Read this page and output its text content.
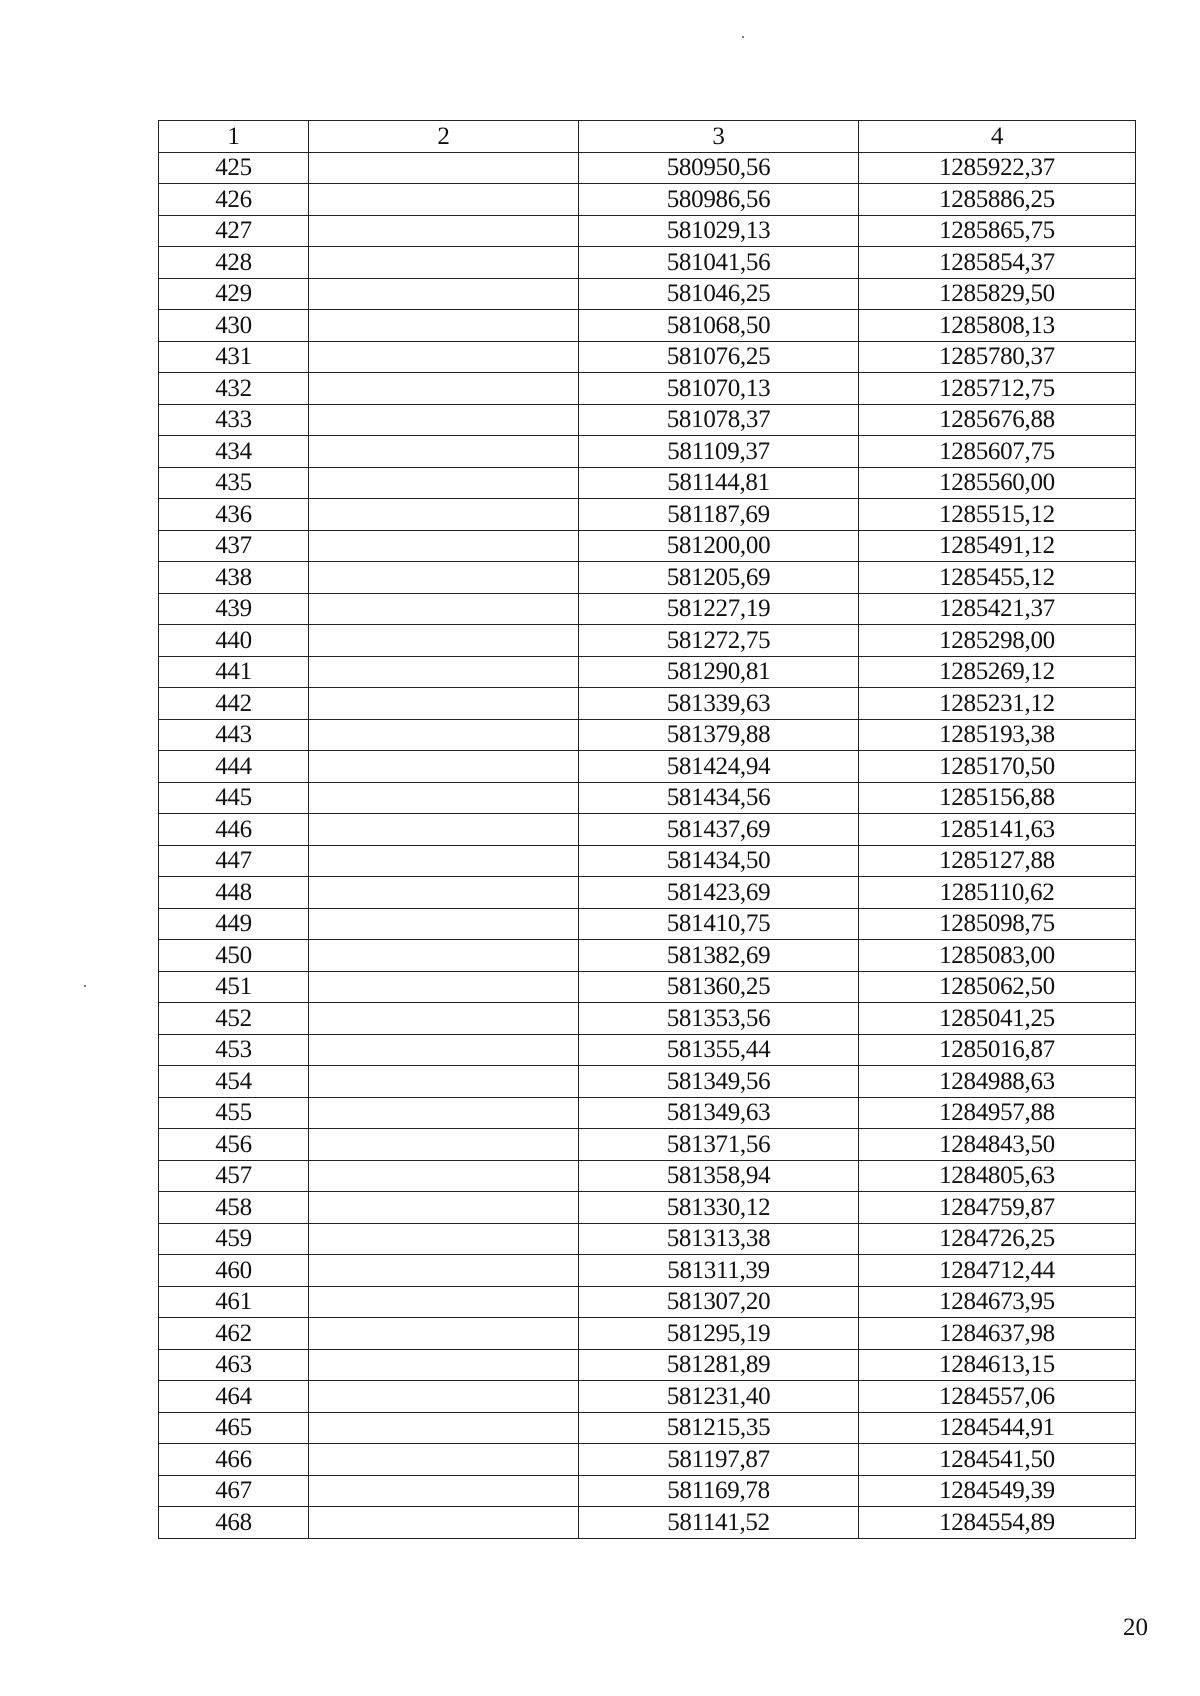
1	2	3	4
425		580950,56	1285922,37
426		580986,56	1285886,25
427		581029,13	1285865,75
428		581041,56	1285854,37
429		581046,25	1285829,50
430		581068,50	1285808,13
431		581076,25	1285780,37
432		581070,13	1285712,75
433		581078,37	1285676,88
434		581109,37	1285607,75
435		581144,81	1285560,00
436		581187,69	1285515,12
437		581200,00	1285491,12
438		581205,69	1285455,12
439		581227,19	1285421,37
440		581272,75	1285298,00
441		581290,81	1285269,12
442		581339,63	1285231,12
443		581379,88	1285193,38
444		581424,94	1285170,50
445		581434,56	1285156,88
446		581437,69	1285141,63
447		581434,50	1285127,88
448		581423,69	1285110,62
449		581410,75	1285098,75
450		581382,69	1285083,00
451		581360,25	1285062,50
452		581353,56	1285041,25
453		581355,44	1285016,87
454		581349,56	1284988,63
455		581349,63	1284957,88
456		581371,56	1284843,50
457		581358,94	1284805,63
458		581330,12	1284759,87
459		581313,38	1284726,25
460		581311,39	1284712,44
461		581307,20	1284673,95
462		581295,19	1284637,98
463		581281,89	1284613,15
464		581231,40	1284557,06
465		581215,35	1284544,91
466		581197,87	1284541,50
467		581169,78	1284549,39
468		581141,52	1284554,89
20
